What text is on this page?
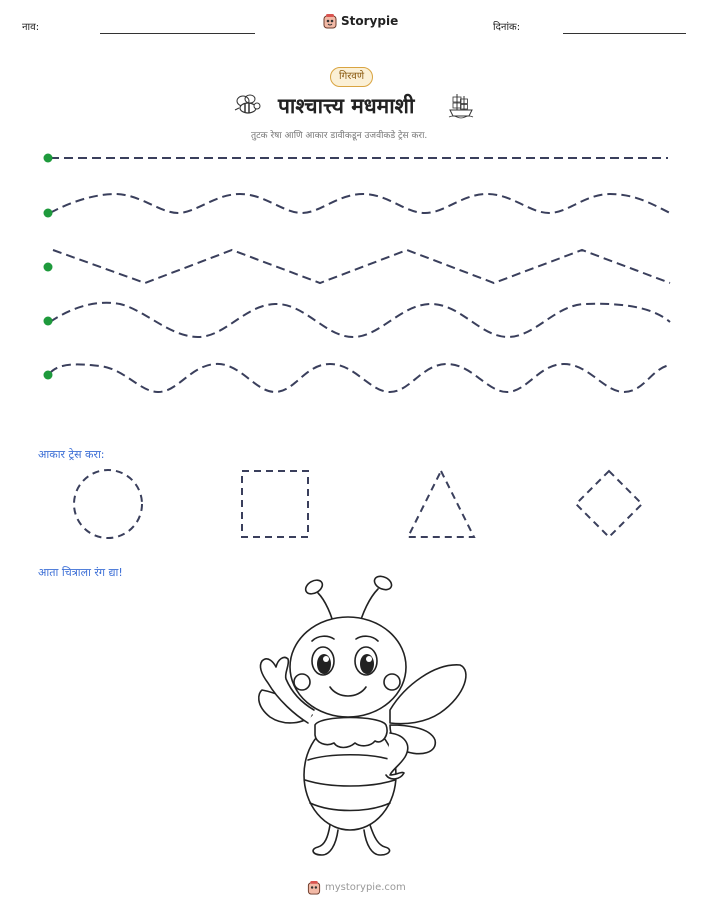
नाव:	Storypie	दिनांक:
गिरवणे
पाश्चात्त्य मधमाशी
तुटक रेषा आणि आकार डावीकडून उजवीकडे ट्रेस करा.
आकार ट्रेस करा:
आता चित्राला रंग द्या!
mystorypie.com
